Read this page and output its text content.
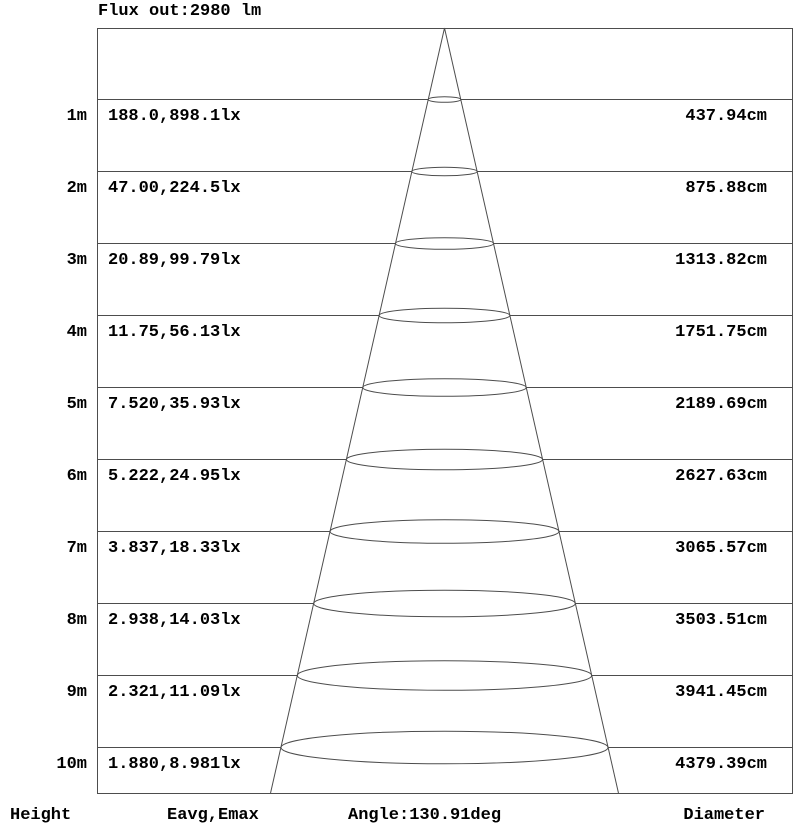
Flux out:2980 lm
1m 188.0,898.1lx	437.94cm
2m 47.00,224.5lx	875.88cm
3m 20.89,99.79lx	1313.82cm
4m 11.75,56.13lx	1751.75cm
5m 7.520,35.93lx	2189.69cm
6m 5.222,24.95lx	2627.63cm
7m 3.837,18.33lx	3065.57cm
8m 2.938,14.03lx	3503.51cm
9m 2.321,11.09lx	3941.45cm
10m 1.880,8.981lx	4379.39cm
Height	Eavg,Emax	Angle:130.91deg	Diameter
